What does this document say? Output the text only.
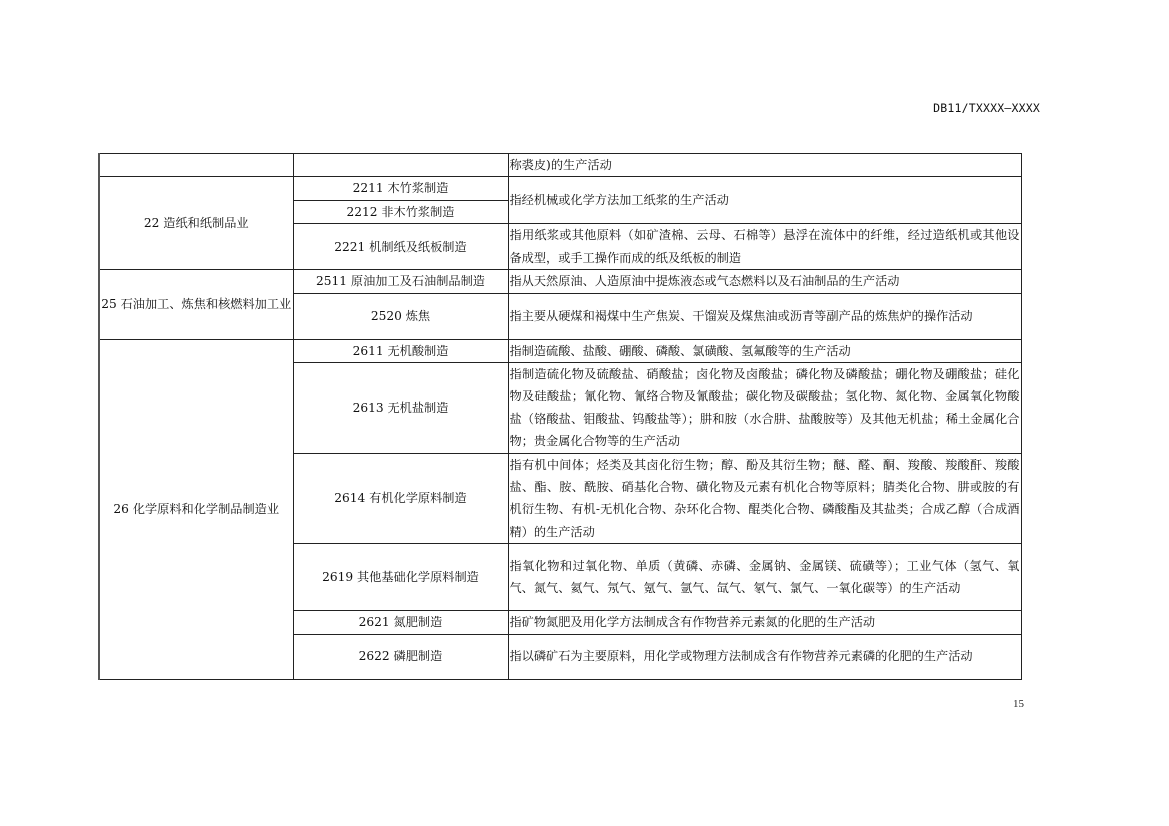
DB11/TXXXX—XXXX
		称裘皮)的生产活动
22 造纸和纸制品业	2211 木竹浆制造	指经机械或化学方法加工纸浆的生产活动
	2212 非木竹浆制造	
	2221 机制纸及纸板制造	指用纸浆或其他原料（如矿渣棉、云母、石棉等）悬浮在流体中的纤维，经过造纸机或其他设备成型，或手工操作而成的纸及纸板的制造
25 石油加工、炼焦和核燃料加工业	2511 原油加工及石油制品制造	指从天然原油、人造原油中提炼液态或气态燃料以及石油制品的生产活动
	2520 炼焦	指主要从硬煤和褐煤中生产焦炭、干馏炭及煤焦油或沥青等副产品的炼焦炉的操作活动
26 化学原料和化学制品制造业	2611 无机酸制造	指制造硫酸、盐酸、硼酸、磷酸、氯磺酸、氢氟酸等的生产活动
	2613 无机盐制造	指制造硫化物及硫酸盐、硝酸盐；卤化物及卤酸盐；磷化物及磷酸盐；硼化物及硼酸盐；硅化物及硅酸盐；氰化物、氰络合物及氰酸盐；碳化物及碳酸盐；氢化物、氮化物、金属氧化物酸盐（铬酸盐、钼酸盐、钨酸盐等）；肼和胺（水合肼、盐酸胺等）及其他无机盐；稀土金属化合物；贵金属化合物等的生产活动
	2614 有机化学原料制造	指有机中间体；烃类及其卤化衍生物；醇、酚及其衍生物；醚、醛、酮、羧酸、羧酸酐、羧酸盐、酯、胺、酰胺、硝基化合物、磺化物及元素有机化合物等原料；腈类化合物、肼或胺的有机衍生物、有机-无机化合物、杂环化合物、醌类化合物、磷酸酯及其盐类；合成乙醇（合成酒精）的生产活动
	2619 其他基础化学原料制造	指氧化物和过氧化物、单质（黄磷、赤磷、金属钠、金属镁、硫磺等）；工业气体（氢气、氧气、氮气、氦气、氖气、氪气、氩气、氙气、氡气、氯气、一氧化碳等）的生产活动
	2621 氮肥制造	指矿物氮肥及用化学方法制成含有作物营养元素氮的化肥的生产活动
	2622 磷肥制造	指以磷矿石为主要原料，用化学或物理方法制成含有作物营养元素磷的化肥的生产活动
15
